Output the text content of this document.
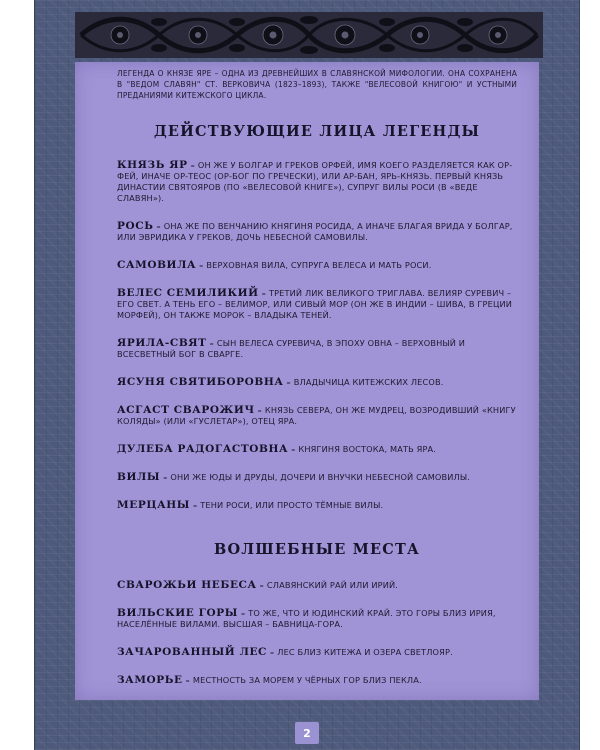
ЛЕГЕНДА О КНЯЗЕ ЯРЕ – ОДНА ИЗ ДРЕВНЕЙШИХ В СЛАВЯНСКОЙ МИФОЛОГИИ. ОНА СОХРАНЕНА В "ВЕДОМ СЛАВЯН" СТ. ВЕРКОВИЧА (1823–1893), ТАКЖЕ "ВЕЛЕСОВОЙ КНИГОЮ" И УСТНЫМИ ПРЕДАНИЯМИ КИТЕЖСКОГО ЦИКЛА.
ДЕЙСТВУЮЩИЕ ЛИЦА ЛЕГЕНДЫ
КНЯЗЬ ЯР – ОН ЖЕ У БОЛГАР И ГРЕКОВ ОРФЕЙ, ИМЯ КОЕГО РАЗДЕЛЯЕТСЯ КАК ОР-ФЕЙ, ИНАЧЕ ОР-ТЕОС (ОР-БОГ ПО ГРЕЧЕСКИ), ИЛИ АР-БАН, ЯРЬ-КНЯЗЬ. ПЕРВЫЙ КНЯЗЬ ДИНАСТИИ СВЯТОЯРОВ (ПО «ВЕЛЕСОВОЙ КНИГЕ»), СУПРУГ ВИЛЫ РОСИ (В «ВЕДЕ СЛАВЯН»).
РОСЬ – ОНА ЖЕ ПО ВЕНЧАНИЮ КНЯГИНЯ РОСИДА, А ИНАЧЕ БЛАГАЯ ВРИДА У БОЛГАР, ИЛИ ЭВРИДИКА У ГРЕКОВ, ДОЧЬ НЕБЕСНОЙ САМОВИЛЫ.
САМОВИЛА – ВЕРХОВНАЯ ВИЛА, СУПРУГА ВЕЛЕСА И МАТЬ РОСИ.
ВЕЛЕС СЕМИЛИКИЙ – ТРЕТИЙ ЛИК ВЕЛИКОГО ТРИГЛАВА. ВЕЛИЯР СУРЕВИЧ – ЕГО СВЕТ. А ТЕНЬ ЕГО – ВЕЛИМОР, ИЛИ СИВЫЙ МОР (ОН ЖЕ В ИНДИИ – ШИВА, В ГРЕЦИИ МОРФЕЙ), ОН ТАКЖЕ МОРОК – ВЛАДЫКА ТЕНЕЙ.
ЯРИЛА-СВЯТ – СЫН ВЕЛЕСА СУРЕВИЧА, В ЭПОХУ ОВНА – ВЕРХОВНЫЙ И ВСЕСВЕТНЫЙ БОГ В СВАРГЕ.
ЯСУНЯ СВЯТИБОРОВНА – ВЛАДЫЧИЦА КИТЕЖСКИХ ЛЕСОВ.
АСГАСТ СВАРОЖИЧ – КНЯЗЬ СЕВЕРА, ОН ЖЕ МУДРЕЦ, ВОЗРОДИВШИЙ «КНИГУ КОЛЯДЫ» (ИЛИ «ГУСЛЕТАР»), ОТЕЦ ЯРА.
ДУЛЕБА РАДОГАСТОВНА – КНЯГИНЯ ВОСТОКА, МАТЬ ЯРА.
ВИЛЫ – ОНИ ЖЕ ЮДЫ И ДРУДЫ, ДОЧЕРИ И ВНУЧКИ НЕБЕСНОЙ САМОВИЛЫ.
МЕРЦАНЫ – ТЕНИ РОСИ, ИЛИ ПРОСТО ТЁМНЫЕ ВИЛЫ.
ВОЛШЕБНЫЕ МЕСТА
СВАРОЖЬИ НЕБЕСА – СЛАВЯНСКИЙ РАЙ ИЛИ ИРИЙ.
ВИЛЬСКИЕ ГОРЫ – ТО ЖЕ, ЧТО И ЮДИНСКИЙ КРАЙ. ЭТО ГОРЫ БЛИЗ ИРИЯ, НАСЕЛЁННЫЕ ВИЛАМИ. ВЫСШАЯ – БАВНИЦА-ГОРА.
ЗАЧАРОВАННЫЙ ЛЕС – ЛЕС БЛИЗ КИТЕЖА И ОЗЕРА СВЕТЛОЯР.
ЗАМОРЬЕ – МЕСТНОСТЬ ЗА МОРЕМ У ЧЁРНЫХ ГОР БЛИЗ ПЕКЛА.
2
